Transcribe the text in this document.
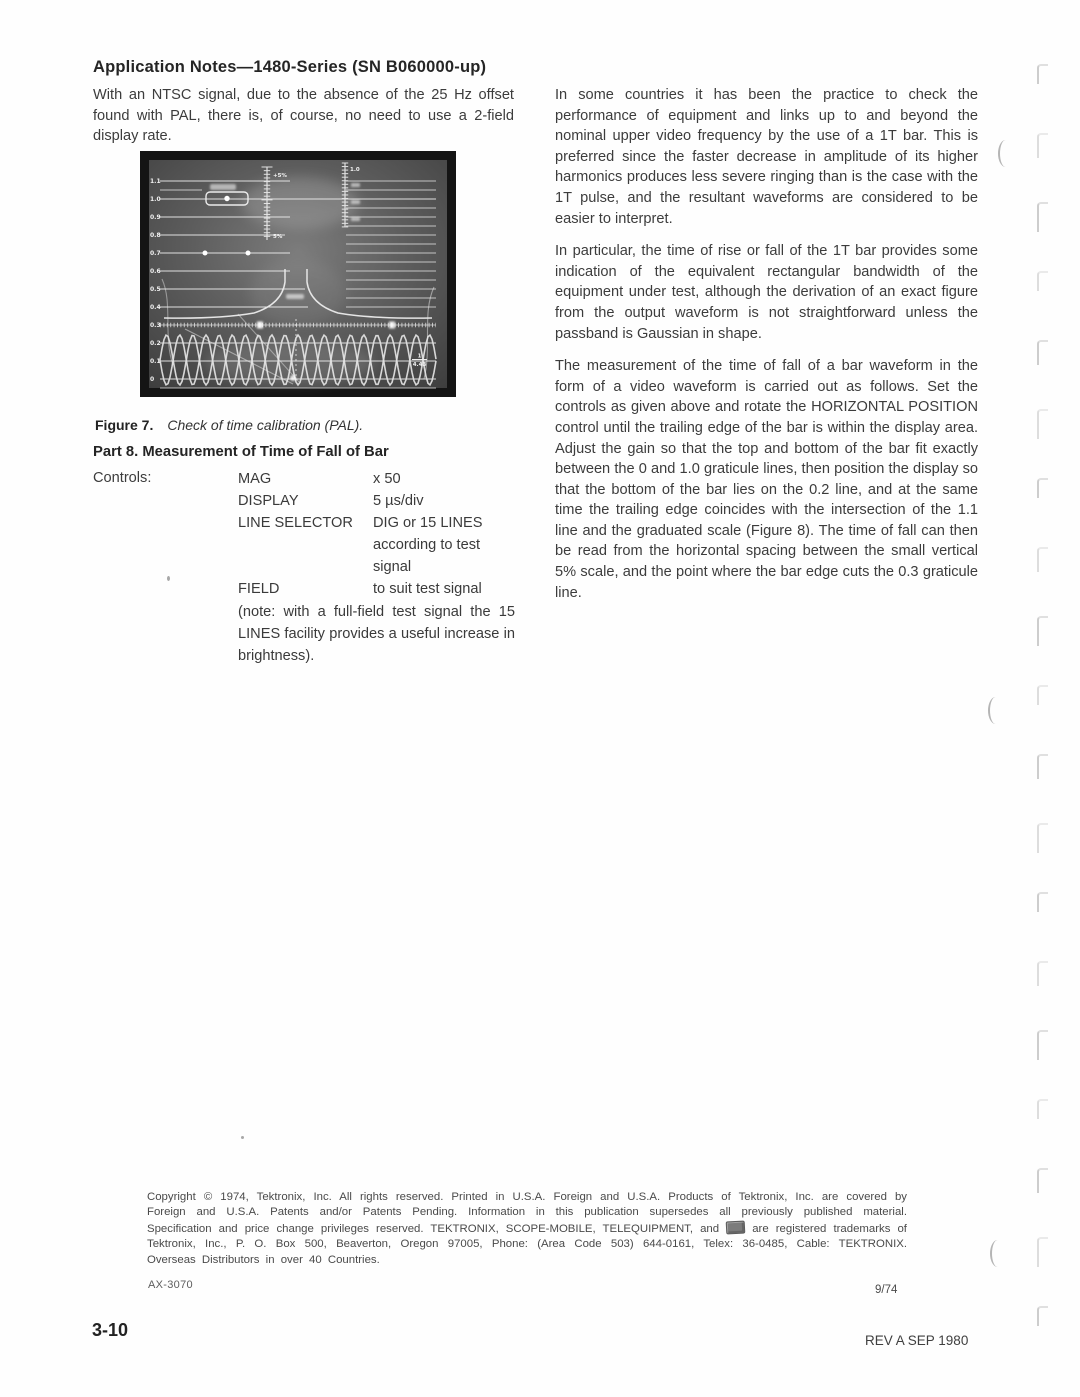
Application Notes—1480-Series (SN B060000-up)

With an NTSC signal, due to the absence of the 25 Hz offset found with PAL, there is, of course, no need to use a 2-field display rate.

+5%
5%
1.0
1
4.43
1.1
1.0
0.9
0.8
0.7
0.6
0.5
0.4
0.3
0.2
0.1
0

Figure 7. Check of time calibration (PAL).

Part 8. Measurement of Time of Fall of Bar
Controls:	MAG	x 50
DISPLAY	5 µs/div
LINE SELECTOR	DIG or 15 LINES
according to test
signal
FIELD	to suit test signal

(note: with a full-field test signal the 15 LINES facility provides a useful increase in brightness).

In some countries it has been the practice to check the performance of equipment and links up to and beyond the nominal upper video frequency by the use of a 1T bar. This is preferred since the faster decrease in amplitude of its higher harmonics produces less severe ringing than is the case with the 1T pulse, and the resultant waveforms are considered to be easier to interpret.

In particular, the time of rise or fall of the 1T bar provides some indication of the equivalent rectangular bandwidth of the equipment under test, although the derivation of an exact figure from the output waveform is not straightforward unless the passband is Gaussian in shape.

The measurement of the time of fall of a bar waveform in the form of a video waveform is carried out as follows. Set the controls as given above and rotate the HORIZONTAL POSITION control until the trailing edge of the bar is within the display area. Adjust the gain so that the top and bottom of the bar fit exactly between the 0 and 1.0 graticule lines, then position the display so that the bottom of the bar lies on the 0.2 line, and at the same time the trailing edge coincides with the intersection of the 1.1 line and the graduated scale (Figure 8). The time of fall can then be read from the horizontal spacing between the small vertical 5% scale, and the point where the bar edge cuts the 0.3 graticule line.

Copyright © 1974, Tektronix, Inc. All rights reserved. Printed in U.S.A. Foreign and U.S.A. Products of Tektronix, Inc. are covered by Foreign and U.S.A. Patents and/or Patents Pending. Information in this publication supersedes all previously published material. Specification and price change privileges reserved. TEKTRONIX, SCOPE-MOBILE, TELEQUIPMENT, and	are registered trademarks of Tektronix, Inc., P. O. Box 500, Beaverton, Oregon 97005, Phone: (Area Code 503) 644-0161, Telex: 36-0485, Cable: TEKTRONIX. Overseas Distributors in over 40 Countries.

AX-3070	9/74
3-10
REV A SEP 1980
